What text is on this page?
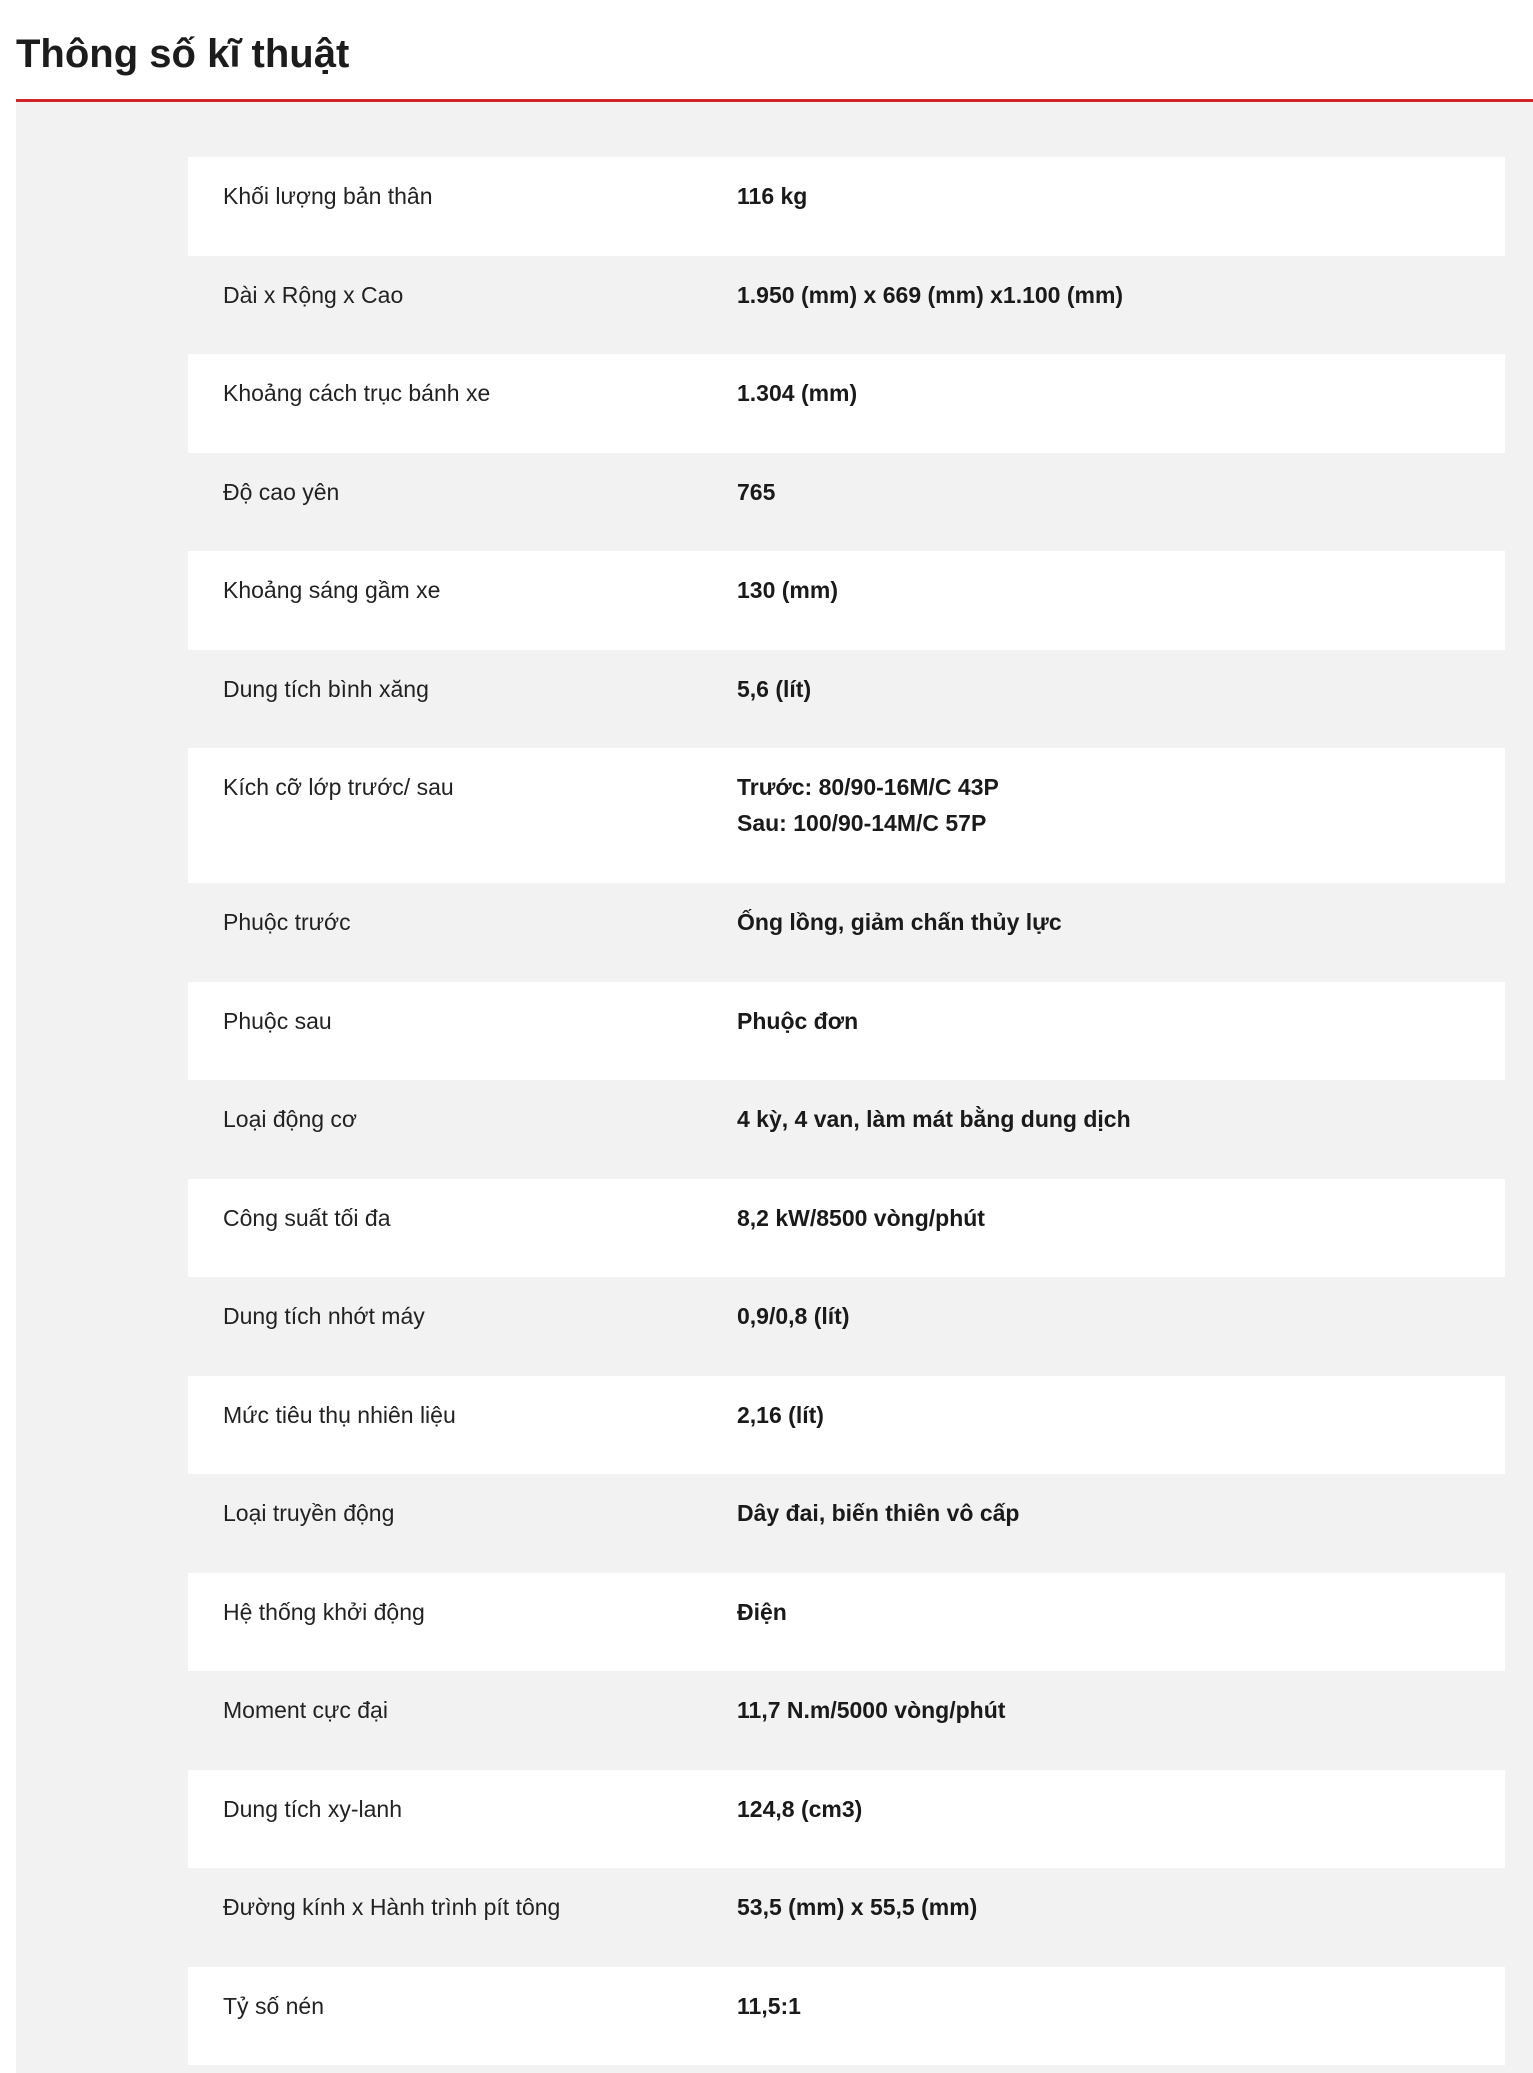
Thông số kĩ thuật
Khối lượng bản thân	116 kg
Dài x Rộng x Cao	1.950 (mm) x 669 (mm) x1.100 (mm)
Khoảng cách trục bánh xe	1.304 (mm)
Độ cao yên	765
Khoảng sáng gầm xe	130 (mm)
Dung tích bình xăng	5,6 (lít)
Kích cỡ lớp trước/ sau	Trước: 80/90-16M/C 43P
Sau: 100/90-14M/C 57P
Phuộc trước	Ống lồng, giảm chấn thủy lực
Phuộc sau	Phuộc đơn
Loại động cơ	4 kỳ, 4 van, làm mát bằng dung dịch
Công suất tối đa	8,2 kW/8500 vòng/phút
Dung tích nhớt máy	0,9/0,8 (lít)
Mức tiêu thụ nhiên liệu	2,16 (lít)
Loại truyền động	Dây đai, biến thiên vô cấp
Hệ thống khởi động	Điện
Moment cực đại	11,7 N.m/5000 vòng/phút
Dung tích xy-lanh	124,8 (cm3)
Đường kính x Hành trình pít tông	53,5 (mm) x 55,5 (mm)
Tỷ số nén	11,5:1
